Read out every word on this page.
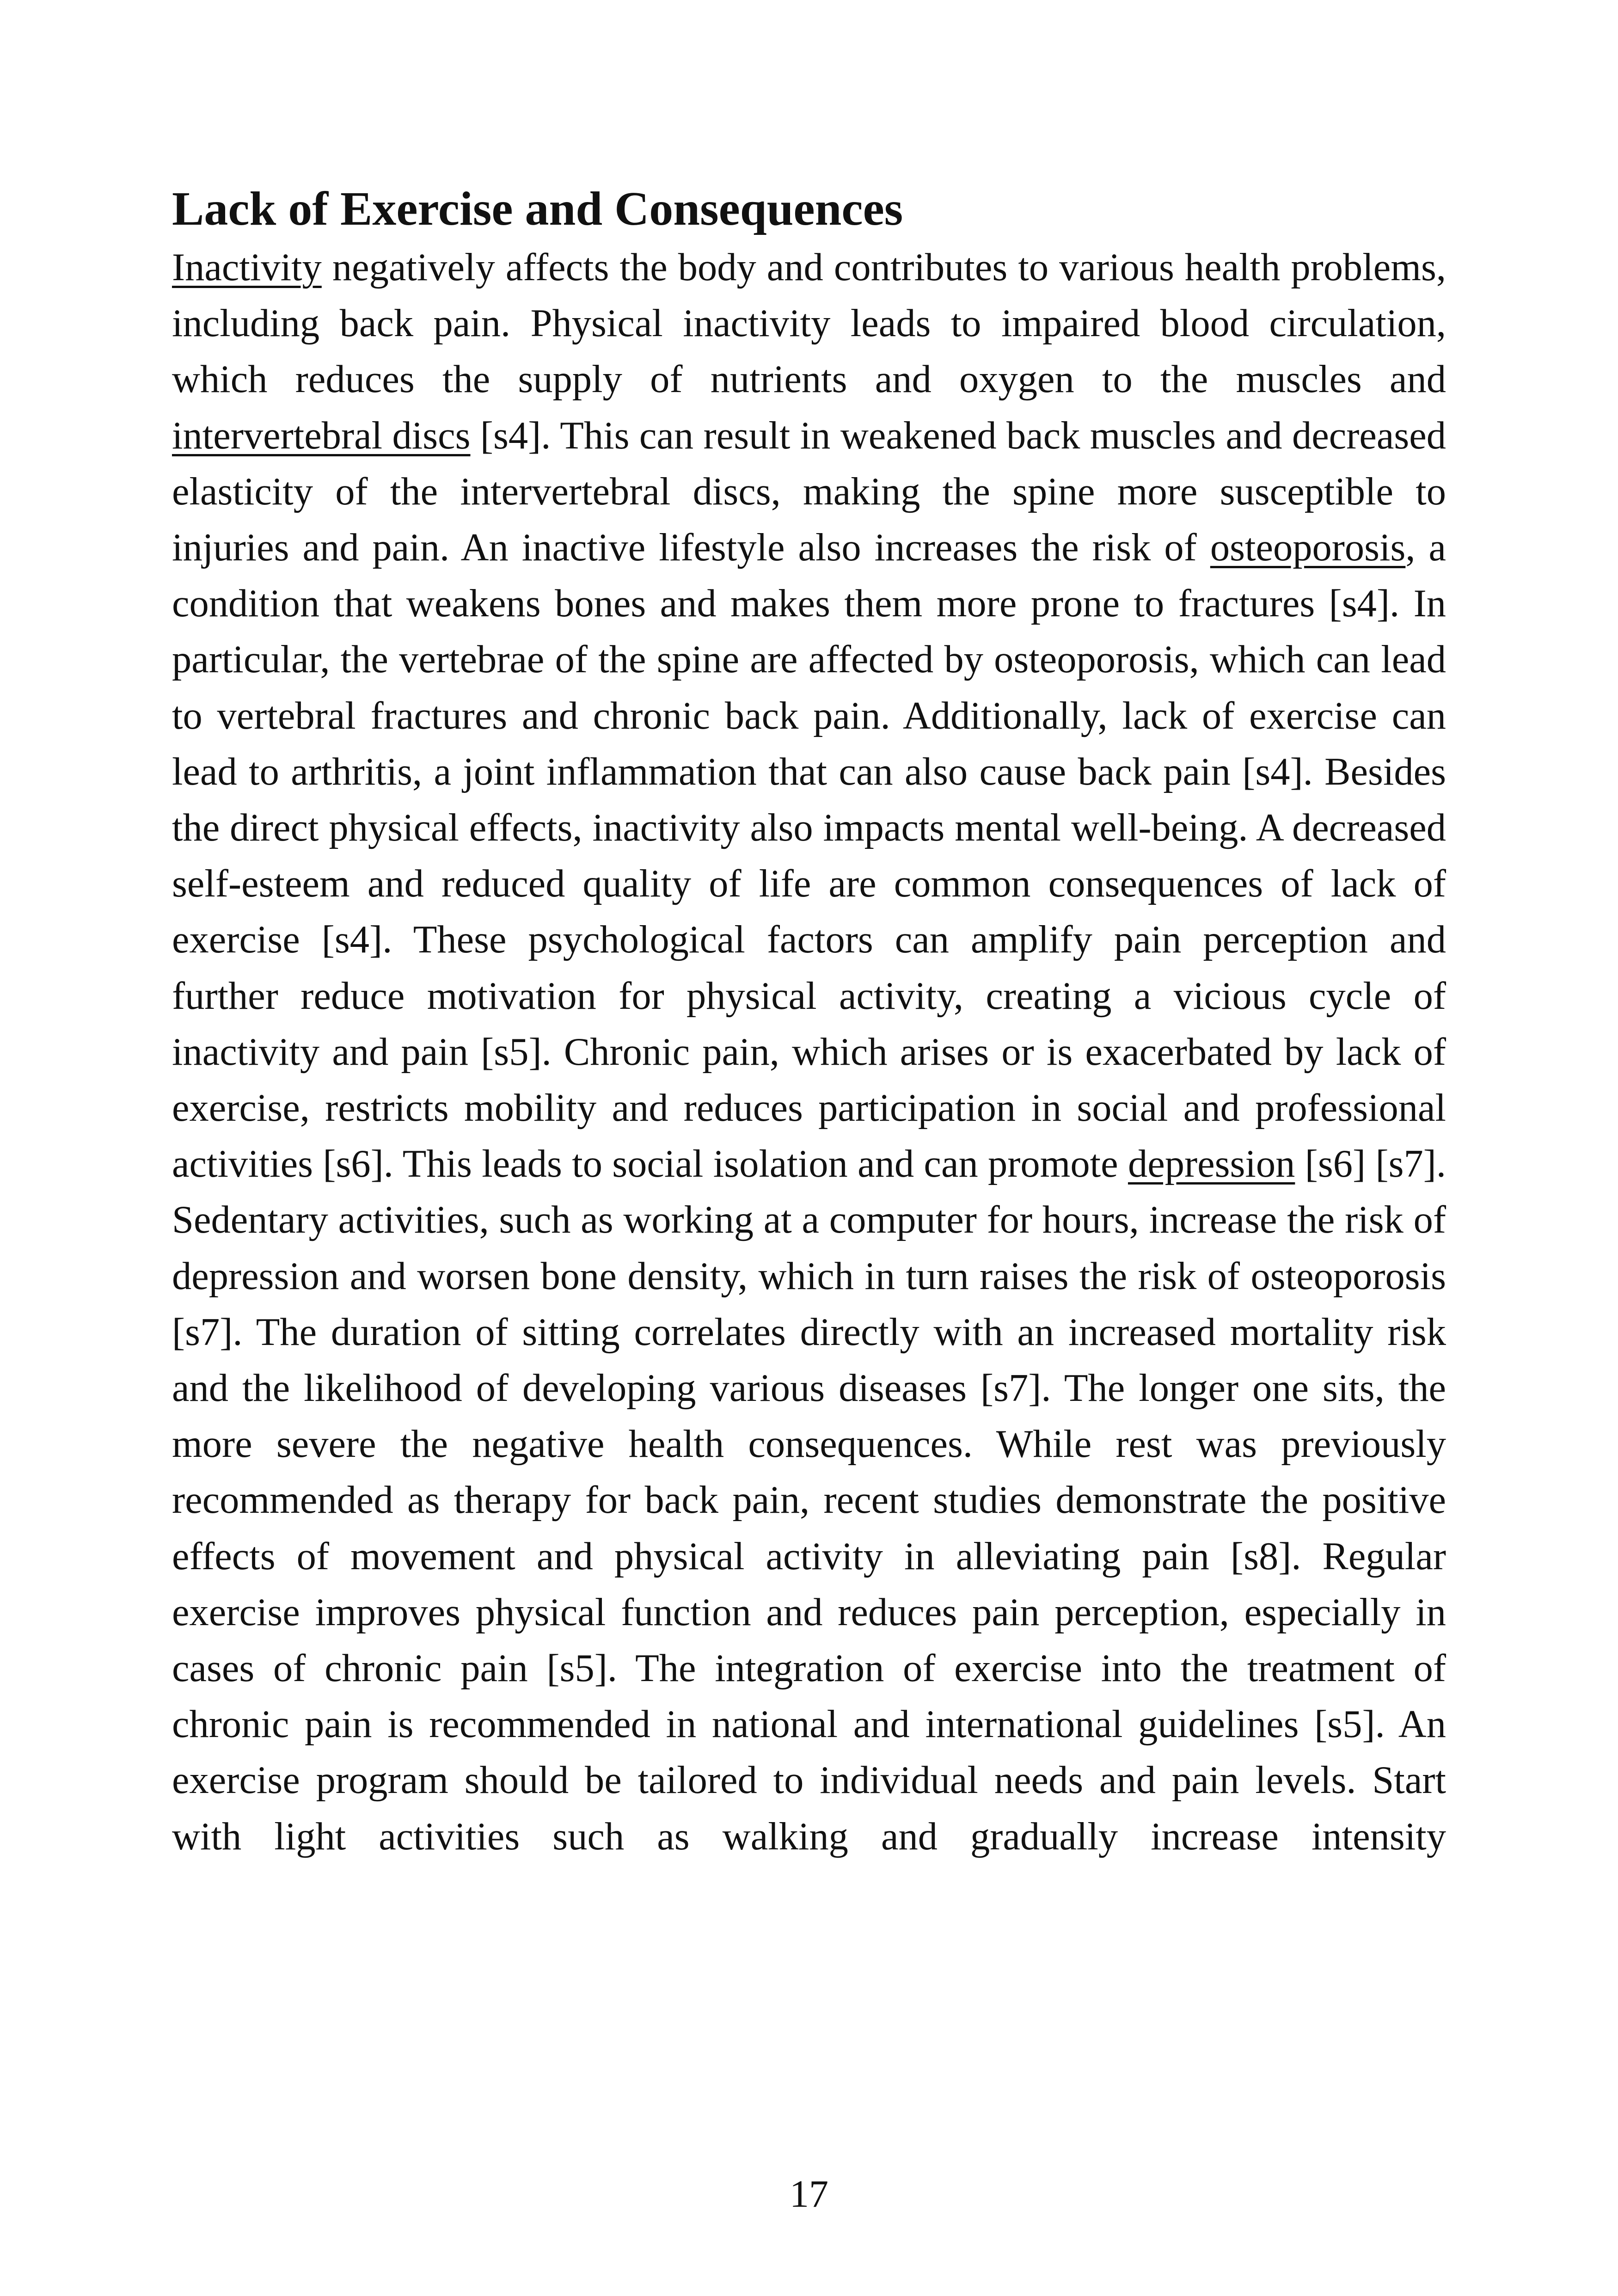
Lack of Exercise and Consequences

Inactivity negatively affects the body and contributes to various health problems, including back pain. Physical inactivity leads to impaired blood circulation, which reduces the supply of nutrients and oxygen to the muscles and intervertebral discs [s4]. This can result in weakened back muscles and decreased elasticity of the intervertebral discs, making the spine more susceptible to injuries and pain. An inactive lifestyle also increases the risk of osteoporosis, a condition that weakens bones and makes them more prone to fractures [s4]. In particular, the vertebrae of the spine are affected by osteoporosis, which can lead to vertebral fractures and chronic back pain. Additionally, lack of exercise can lead to arthritis, a joint inflammation that can also cause back pain [s4]. Besides the direct physical effects, inactivity also impacts mental well-being. A decreased self-esteem and reduced quality of life are common consequences of lack of exercise [s4]. These psychological factors can amplify pain perception and further reduce motivation for physical activity, creating a vicious cycle of inactivity and pain [s5]. Chronic pain, which arises or is exacerbated by lack of exercise, restricts mobility and reduces participation in social and professional activities [s6]. This leads to social isolation and can promote depression [s6] [s7]. Sedentary activities, such as working at a computer for hours, increase the risk of depression and worsen bone density, which in turn raises the risk of osteoporosis [s7]. The duration of sitting correlates directly with an increased mortality risk and the likelihood of developing various diseases [s7]. The longer one sits, the more severe the negative health consequences. While rest was previously recommended as therapy for back pain, recent studies demonstrate the positive effects of movement and physical activity in alleviating pain [s8]. Regular exercise improves physical function and reduces pain perception, especially in cases of chronic pain [s5]. The integration of exercise into the treatment of chronic pain is recommended in national and international guidelines [s5]. An exercise program should be tailored to individual needs and pain levels. Start with light activities such as walking and gradually increase intensity

17
